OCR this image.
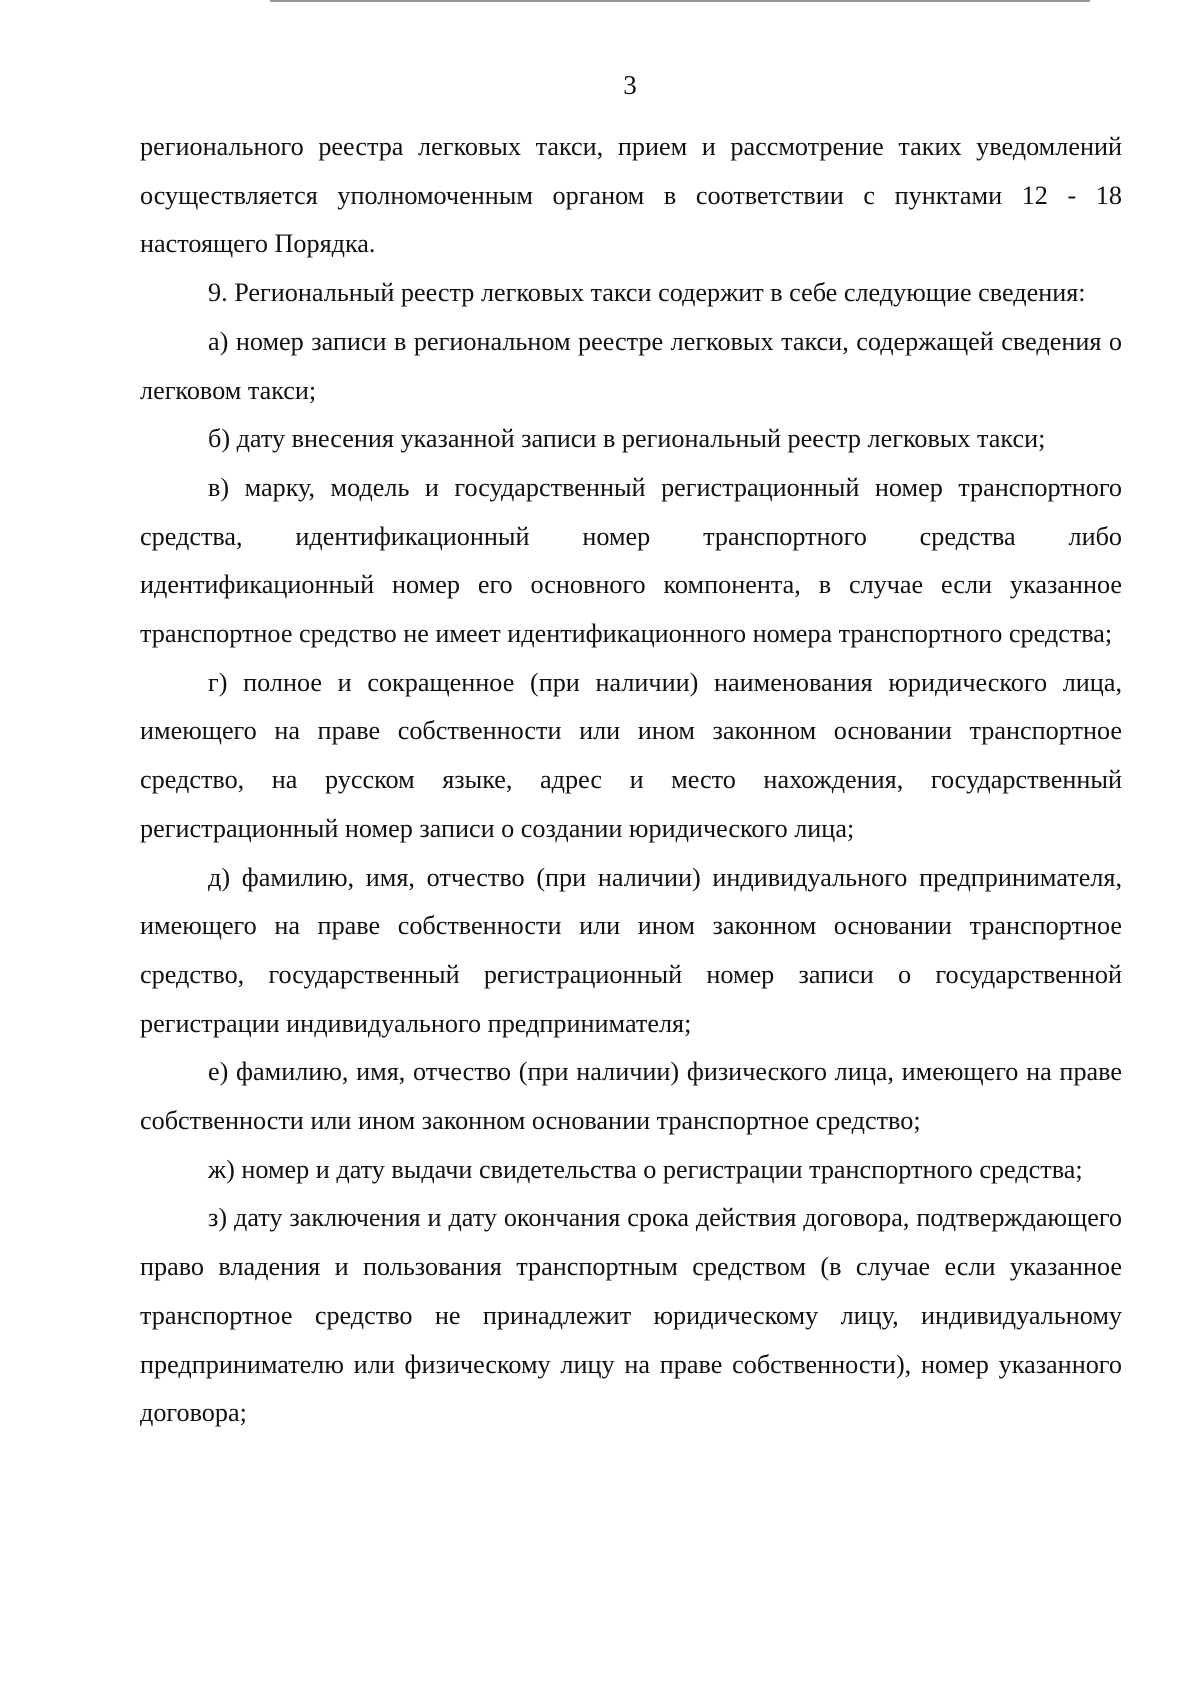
3

регионального реестра легковых такси, прием и рассмотрение таких уведомлений осуществляется уполномоченным органом в соответствии с пунктами 12 - 18 настоящего Порядка.

9. Региональный реестр легковых такси содержит в себе следующие сведения:

а) номер записи в региональном реестре легковых такси, содержащей сведения о легковом такси;

б) дату внесения указанной записи в региональный реестр легковых такси;

в) марку, модель и государственный регистрационный номер транспортного средства, идентификационный номер транспортного средства либо идентификационный номер его основного компонента, в случае если указанное транспортное средство не имеет идентификационного номера транспортного средства;

г) полное и сокращенное (при наличии) наименования юридического лица, имеющего на праве собственности или ином законном основании транспортное средство, на русском языке, адрес и место нахождения, государственный регистрационный номер записи о создании юридического лица;

д) фамилию, имя, отчество (при наличии) индивидуального предпринимателя, имеющего на праве собственности или ином законном основании транспортное средство, государственный регистрационный номер записи о государственной регистрации индивидуального предпринимателя;

е) фамилию, имя, отчество (при наличии) физического лица, имеющего на праве собственности или ином законном основании транспортное средство;

ж) номер и дату выдачи свидетельства о регистрации транспортного средства;

з) дату заключения и дату окончания срока действия договора, подтверждающего право владения и пользования транспортным средством (в случае если указанное транспортное средство не принадлежит юридическому лицу, индивидуальному предпринимателю или физическому лицу на праве собственности), номер указанного договора;
